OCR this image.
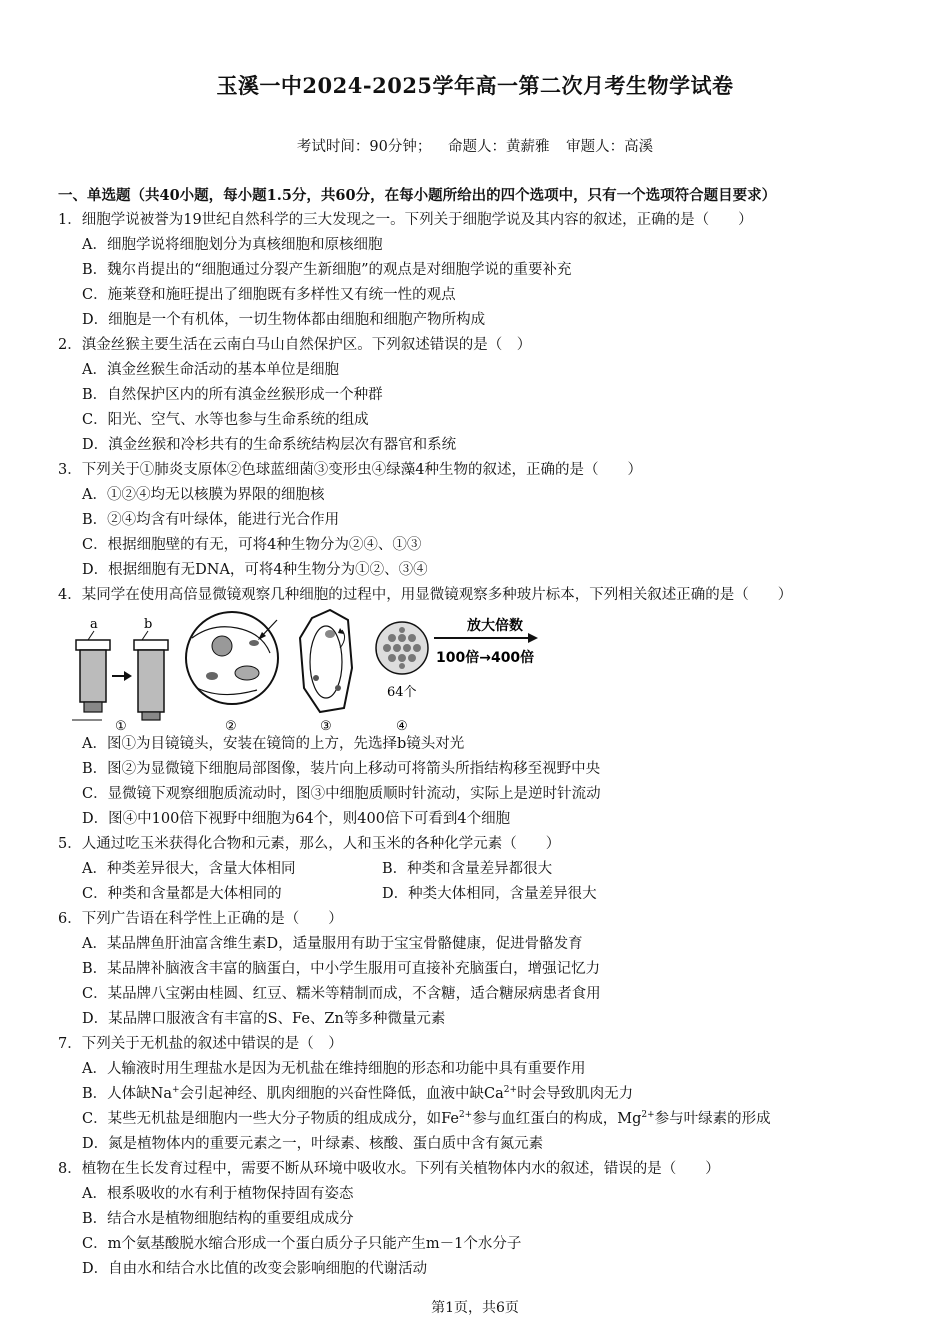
玉溪一中2024-2025学年高一第二次月考生物学试卷
考试时间：90分钟； 命题人：黄薪雅 审题人：高溪
一、单选题（共40小题，每小题1.5分，共60分，在每小题所给出的四个选项中，只有一个选项符合题目要求）
1．细胞学说被誉为19世纪自然科学的三大发现之一。下列关于细胞学说及其内容的叙述，正确的是（　　）
A．细胞学说将细胞划分为真核细胞和原核细胞
B．魏尔肖提出的“细胞通过分裂产生新细胞”的观点是对细胞学说的重要补充
C．施莱登和施旺提出了细胞既有多样性又有统一性的观点
D．细胞是一个有机体，一切生物体都由细胞和细胞产物所构成
2．滇金丝猴主要生活在云南白马山自然保护区。下列叙述错误的是（　）
A．滇金丝猴生命活动的基本单位是细胞
B．自然保护区内的所有滇金丝猴形成一个种群
C．阳光、空气、水等也参与生命系统的组成
D．滇金丝猴和冷杉共有的生命系统结构层次有器官和系统
3．下列关于①肺炎支原体②色球蓝细菌③变形虫④绿藻4种生物的叙述，正确的是（　　）
A．①②④均无以核膜为界限的细胞核
B．②④均含有叶绿体，能进行光合作用
C．根据细胞壁的有无，可将4种生物分为②④、①③
D．根据细胞有无DNA，可将4种生物分为①②、③④
4．某同学在使用高倍显微镜观察几种细胞的过程中，用显微镜观察多种玻片标本，下列相关叙述正确的是（　　）
a	b
①	②	③
64个
放大倍数
100倍→400倍
④
A．图①为目镜镜头，安装在镜筒的上方，先选择b镜头对光
B．图②为显微镜下细胞局部图像，装片向上移动可将箭头所指结构移至视野中央
C．显微镜下观察细胞质流动时，图③中细胞质顺时针流动，实际上是逆时针流动
D．图④中100倍下视野中细胞为64个，则400倍下可看到4个细胞
5．人通过吃玉米获得化合物和元素，那么，人和玉米的各种化学元素（　　）
A．种类差异很大，含量大体相同	B．种类和含量差异都很大
C．种类和含量都是大体相同的	D．种类大体相同，含量差异很大
6．下列广告语在科学性上正确的是（　　）
A．某品牌鱼肝油富含维生素D，适量服用有助于宝宝骨骼健康，促进骨骼发育
B．某品牌补脑液含丰富的脑蛋白，中小学生服用可直接补充脑蛋白，增强记忆力
C．某品牌八宝粥由桂圆、红豆、糯米等精制而成，不含糖，适合糖尿病患者食用
D．某品牌口服液含有丰富的S、Fe、Zn等多种微量元素
7．下列关于无机盐的叙述中错误的是（　）
A．人输液时用生理盐水是因为无机盐在维持细胞的形态和功能中具有重要作用
B．人体缺Na+会引起神经、肌肉细胞的兴奋性降低，血液中缺$Ca^{2+}$时会导致肌肉无力
C．某些无机盐是细胞内一些大分子物质的组成成分，如$Fe^{2+}$参与血红蛋白的构成，$Mg^{2+}$参与叶绿素的形成
D．氮是植物体内的重要元素之一，叶绿素、核酸、蛋白质中含有氮元素
8．植物在生长发育过程中，需要不断从环境中吸收水。下列有关植物体内水的叙述，错误的是（　　）
A．根系吸收的水有利于植物保持固有姿态
B．结合水是植物细胞结构的重要组成成分
C．m个氨基酸脱水缩合形成一个蛋白质分子只能产生m－1个水分子
D．自由水和结合水比值的改变会影响细胞的代谢活动
第1页，共6页
